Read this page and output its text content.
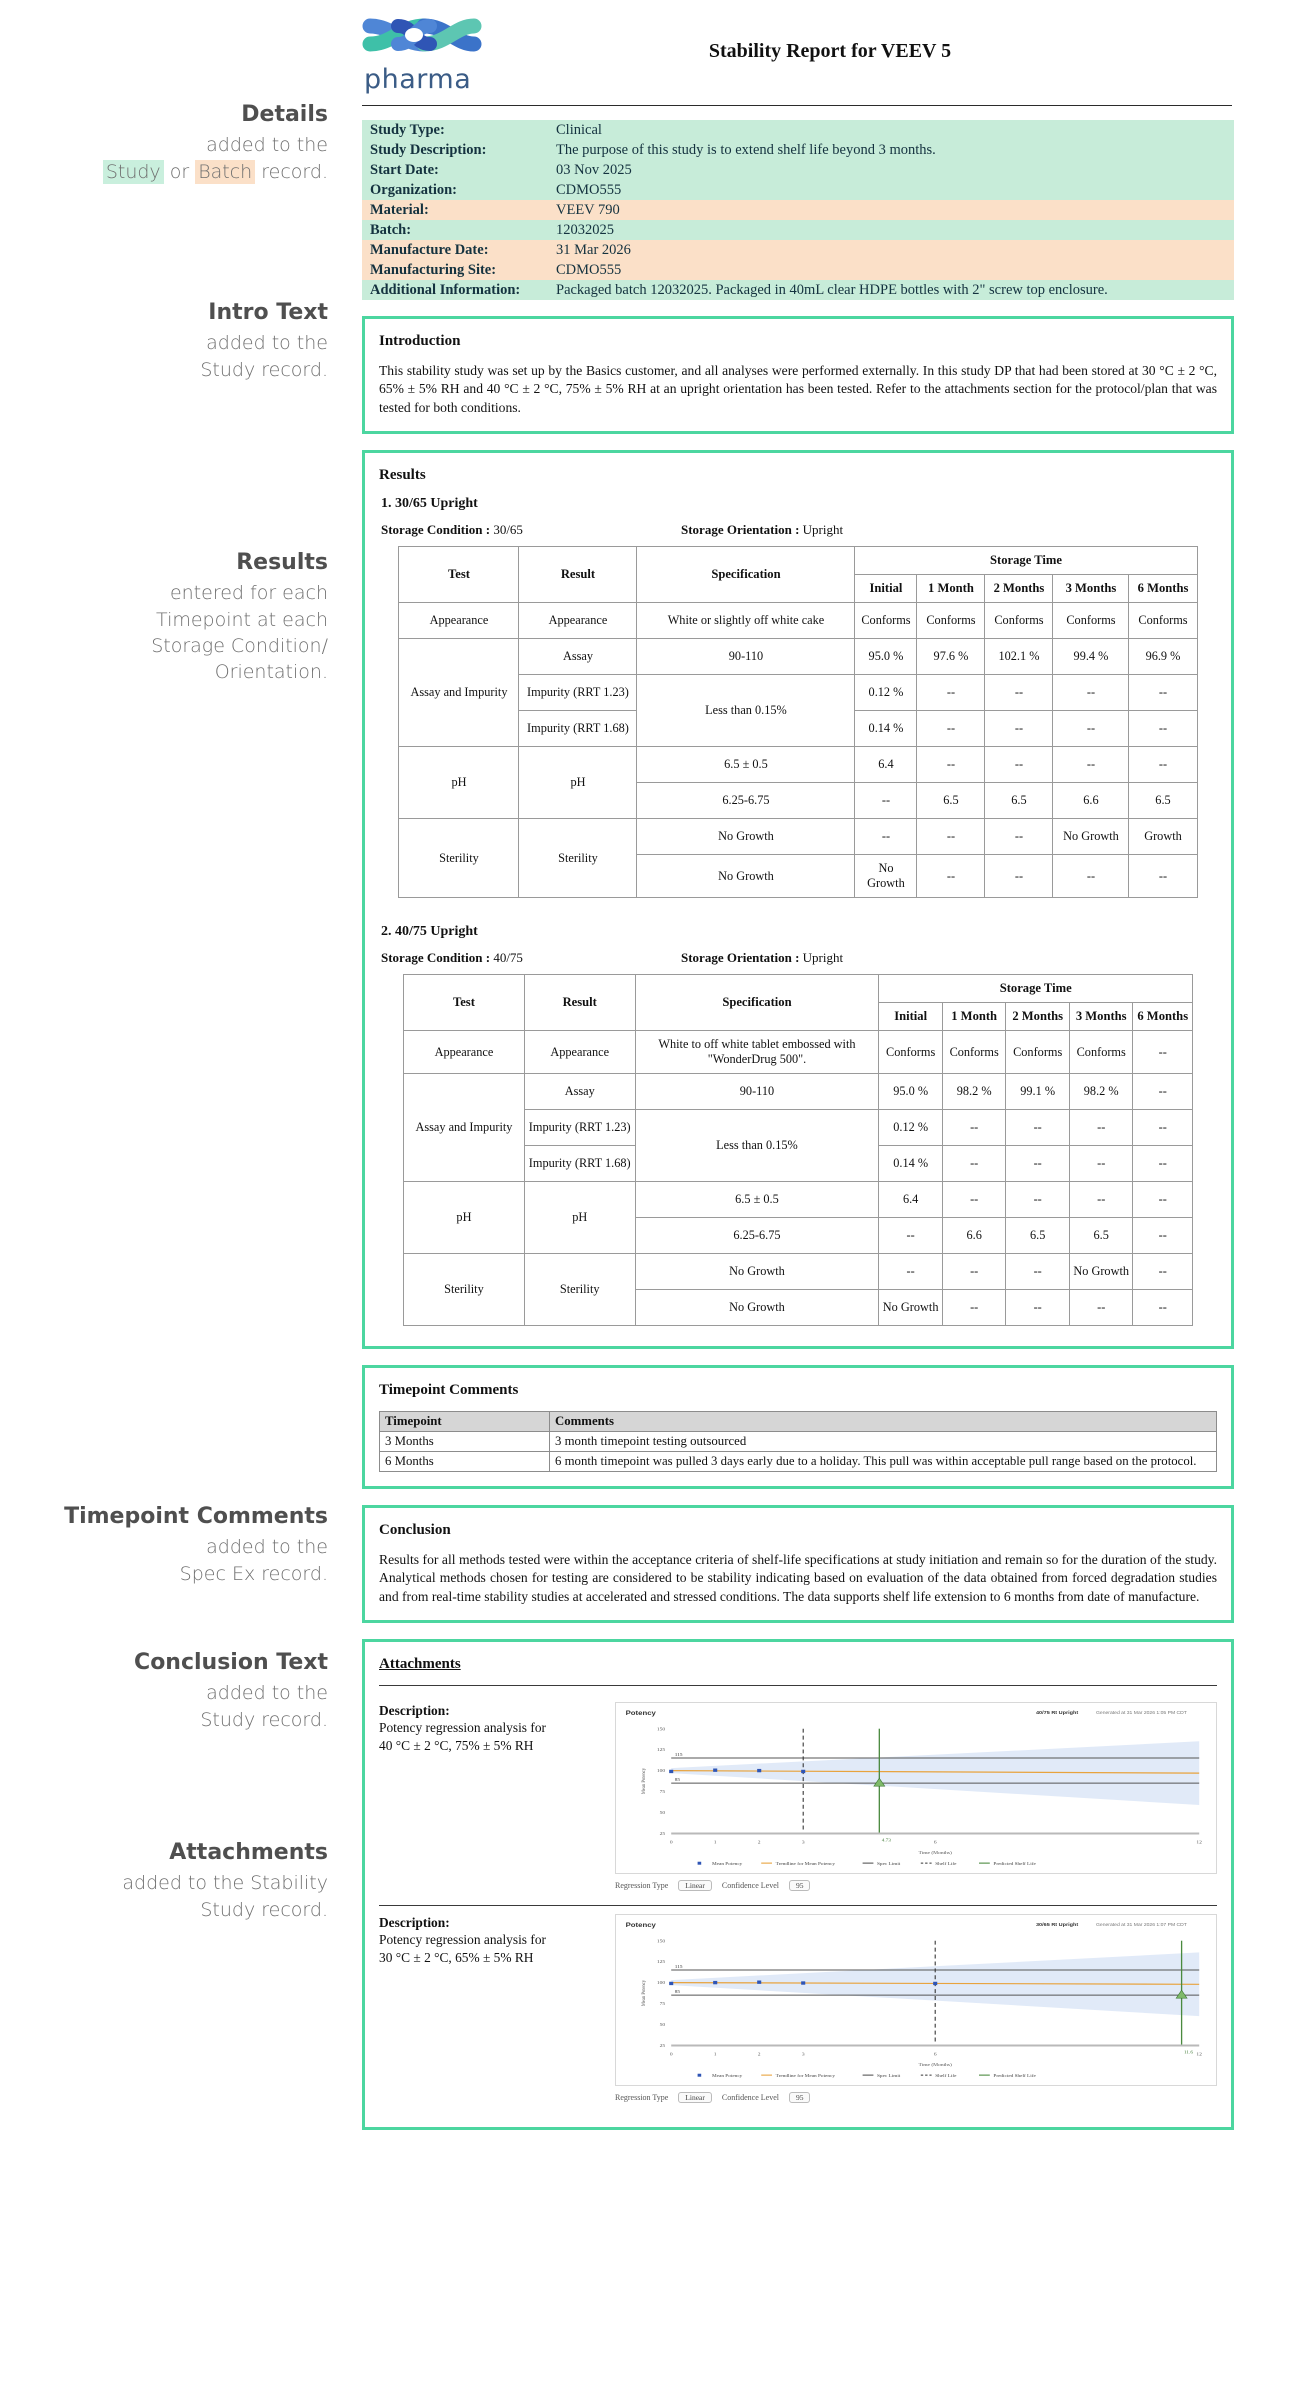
Details
added to the
Study or Batch record.
Intro Text
added to the
Study record.
Results
entered for each
Timepoint at each
Storage Condition/
Orientation.
Timepoint Comments
added to the
Spec Ex record.
Conclusion Text
added to the
Study record.
Attachments
added to the Stability
Study record.
pharma
Stability Report for VEEV 5
Study Type:	Clinical
Study Description:	The purpose of this study is to extend shelf life beyond 3 months.
Start Date:	03 Nov 2025
Organization:	CDMO555
Material:	VEEV 790
Batch:	12032025
Manufacture Date:	31 Mar 2026
Manufacturing Site:	CDMO555
Additional Information:	Packaged batch 12032025. Packaged in 40mL clear HDPE bottles with 2" screw top enclosure.
Introduction

This stability study was set up by the Basics customer, and all analyses were performed externally. In this study DP that had been stored at 30 °C ± 2 °C, 65% ± 5% RH and 40 °C ± 2 °C, 75% ± 5% RH at an upright orientation has been tested. Refer to the attachments section for the protocol/plan that was tested for both conditions.

Results
1. 30/65 Upright
Storage Condition : 30/65	Storage Orientation : Upright
Test	Result	Specification	Storage Time				
			Initial	1 Month	2 Months	3 Months	6 Months
Appearance	Appearance	White or slightly off white cake	Conforms	Conforms	Conforms	Conforms	Conforms
Assay and Impurity	Assay	90-110	95.0 %	97.6 %	102.1 %	99.4 %	96.9 %
	Impurity (RRT 1.23)	Less than 0.15%	0.12 %	--	--	--	--
	Impurity (RRT 1.68)		0.14 %	--	--	--	--
pH	pH	6.5 ± 0.5	6.4	--	--	--	--
		6.25-6.75	--	6.5	6.5	6.6	6.5
Sterility	Sterility	No Growth	--	--	--	No Growth	Growth
		No Growth	No Growth	--	--	--	--
2. 40/75 Upright
Storage Condition : 40/75	Storage Orientation : Upright
Test	Result	Specification	Storage Time				
			Initial	1 Month	2 Months	3 Months	6 Months
Appearance	Appearance	White to off white tablet embossed with "WonderDrug 500".	Conforms	Conforms	Conforms	Conforms	--
Assay and Impurity	Assay	90-110	95.0 %	98.2 %	99.1 %	98.2 %	--
	Impurity (RRT 1.23)	Less than 0.15%	0.12 %	--	--	--	--
	Impurity (RRT 1.68)		0.14 %	--	--	--	--
pH	pH	6.5 ± 0.5	6.4	--	--	--	--
		6.25-6.75	--	6.6	6.5	6.5	--
Sterility	Sterility	No Growth	--	--	--	No Growth	--
		No Growth	No Growth	--	--	--	--
Timepoint Comments
Timepoint	Comments
3 Months	3 month timepoint testing outsourced
6 Months	6 month timepoint was pulled 3 days early due to a holiday. This pull was within acceptable pull range based on the protocol.
Conclusion

Results for all methods tested were within the acceptance criteria of shelf-life specifications at study initiation and remain so for the duration of the study. Analytical methods chosen for testing are considered to be stability indicating based on evaluation of the data obtained from forced degradation studies and from real-time stability studies at accelerated and stressed conditions. The data supports shelf life extension to 6 months from date of manufacture.

Attachments
Description:
Potency regression analysis for
40 °C ± 2 °C, 75% ± 5% RH
Potency	40/75 Rt Upright	Generated at 31 Mar 2026 1:05 PM CDT
115
85
4.73
0	1	2	3	6	12
25
50
75
100
125
150
Time (Months)
Mean Potency
Mean Potency	Trendline for Mean Potency	Spec Limit	Shelf Life	Predicted Shelf Life
Regression Type	Linear	Confidence Level	95
Description:
Potency regression analysis for
30 °C ± 2 °C, 65% ± 5% RH
Potency	30/65 Rt Upright	Generated at 31 Mar 2026 1:07 PM CDT
115
85
11.6
0	1	2	3	6	12
25
50
75
100
125
150
Time (Months)
Mean Potency
Mean Potency	Trendline for Mean Potency	Spec Limit	Shelf Life	Predicted Shelf Life
Regression Type	Linear	Confidence Level	95
